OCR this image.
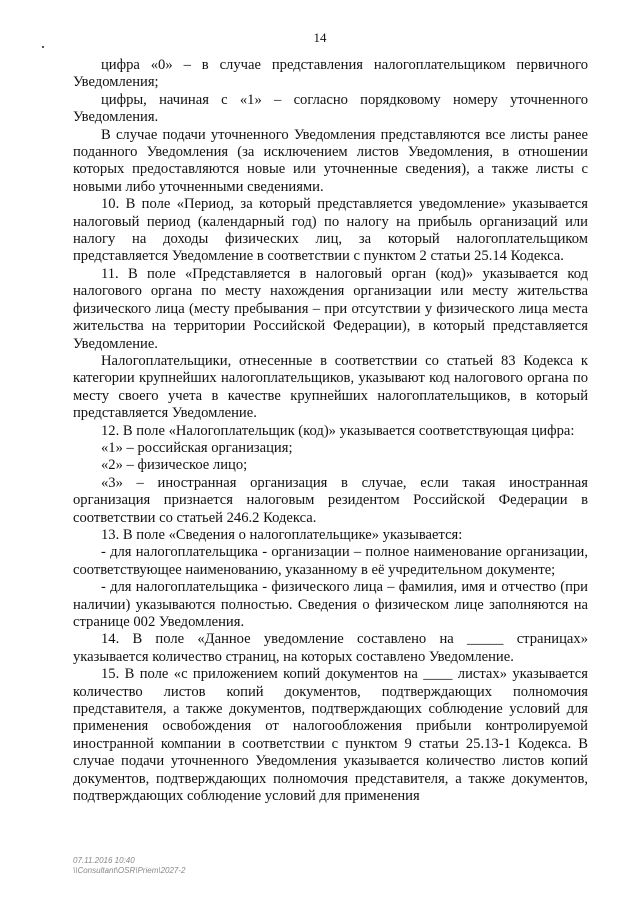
14

цифра «0» – в случае представления налогоплательщиком первичного Уведомления;

цифры, начиная с «1» – согласно порядковому номеру уточненного Уведомления.

В случае подачи уточненного Уведомления представляются все листы ранее поданного Уведомления (за исключением листов Уведомления, в отношении которых предоставляются новые или уточненные сведения), а также листы с новыми либо уточненными сведениями.

10. В поле «Период, за который представляется уведомление» указывается налоговый период (календарный год) по налогу на прибыль организаций или налогу на доходы физических лиц, за который налогоплательщиком представляется Уведомление в соответствии с пунктом 2 статьи 25.14 Кодекса.

11. В поле «Представляется в налоговый орган (код)» указывается код налогового органа по месту нахождения организации или месту жительства физического лица (месту пребывания – при отсутствии у физического лица места жительства на территории Российской Федерации), в который представляется Уведомление.

Налогоплательщики, отнесенные в соответствии со статьей 83 Кодекса к категории крупнейших налогоплательщиков, указывают код налогового органа по месту своего учета в качестве крупнейших налогоплательщиков, в который представляется Уведомление.

12. В поле «Налогоплательщик (код)» указывается соответствующая цифра:

«1» – российская организация;

«2» – физическое лицо;

«3» – иностранная организация в случае, если такая иностранная организация признается налоговым резидентом Российской Федерации в соответствии со статьей 246.2 Кодекса.

13. В поле «Сведения о налогоплательщике» указывается:

- для налогоплательщика - организации – полное наименование организации, соответствующее наименованию, указанному в её учредительном документе;

- для налогоплательщика - физического лица – фамилия, имя и отчество (при наличии) указываются полностью. Сведения о физическом лице заполняются на странице 002 Уведомления.

14. В поле «Данное уведомление составлено на _____ страницах» указывается количество страниц, на которых составлено Уведомление.

15. В поле «с приложением копий документов на ____ листах» указывается количество листов копий документов, подтверждающих полномочия представителя, а также документов, подтверждающих соблюдение условий для применения освобождения от налогообложения прибыли контролируемой иностранной компании в соответствии с пунктом 9 статьи 25.13-1 Кодекса. В случае подачи уточненного Уведомления указывается количество листов копий документов, подтверждающих полномочия представителя, а также документов, подтверждающих соблюдение условий для применения

07.11.2016 10:40
\\Consultant\OSR\Priem\2027-2
